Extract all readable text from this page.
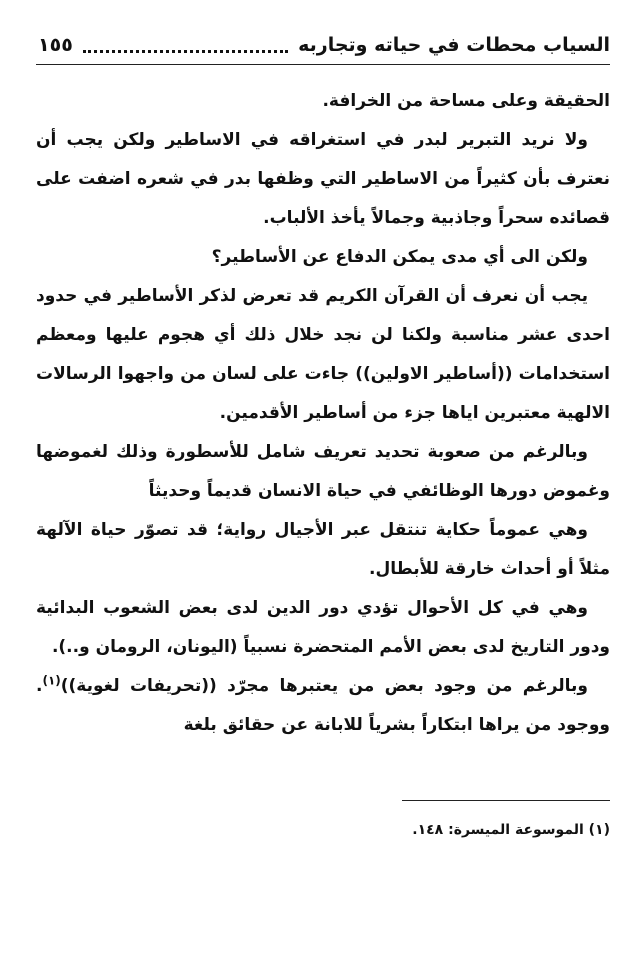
السياب محطات في حياته وتجاربه
١٥٥

الحقيقة وعلى مساحة من الخرافة.

ولا نريد التبرير لبدر في استغراقه في الاساطير ولكن يجب أن نعترف بأن كثيراً من الاساطير التي وظفها بدر في شعره اضفت على قصائده سحراً وجاذبية وجمالاً يأخذ الألباب.

ولكن الى أي مدى يمكن الدفاع عن الأساطير؟

يجب أن نعرف أن القرآن الكريم قد تعرض لذكر الأساطير في حدود احدى عشر مناسبة ولكنا لن نجد خلال ذلك أي هجوم عليها ومعظم استخدامات ((أساطير الاولين)) جاءت على لسان من واجهوا الرسالات الالهية معتبرين اياها جزء من أساطير الأقدمين.

وبالرغم من صعوبة تحديد تعريف شامل للأسطورة وذلك لغموضها وغموض دورها الوظائفي في حياة الانسان قديماً وحديثاً

وهي عموماً حكاية تنتقل عبر الأجيال رواية؛ قد تصوّر حياة الآلهة مثلاً أو أحداث خارقة للأبطال.

وهي في كل الأحوال تؤدي دور الدين لدى بعض الشعوب البدائية ودور التاريخ لدى بعض الأمم المتحضرة نسبياً (اليونان، الرومان و..).

وبالرغم من وجود بعض من يعتبرها مجرّد ((تحريفات لغوية))$^{(١)}$. ووجود من يراها ابتكاراً بشرياً للابانة عن حقائق بلغة

(١) الموسوعة الميسرة: ١٤٨.
